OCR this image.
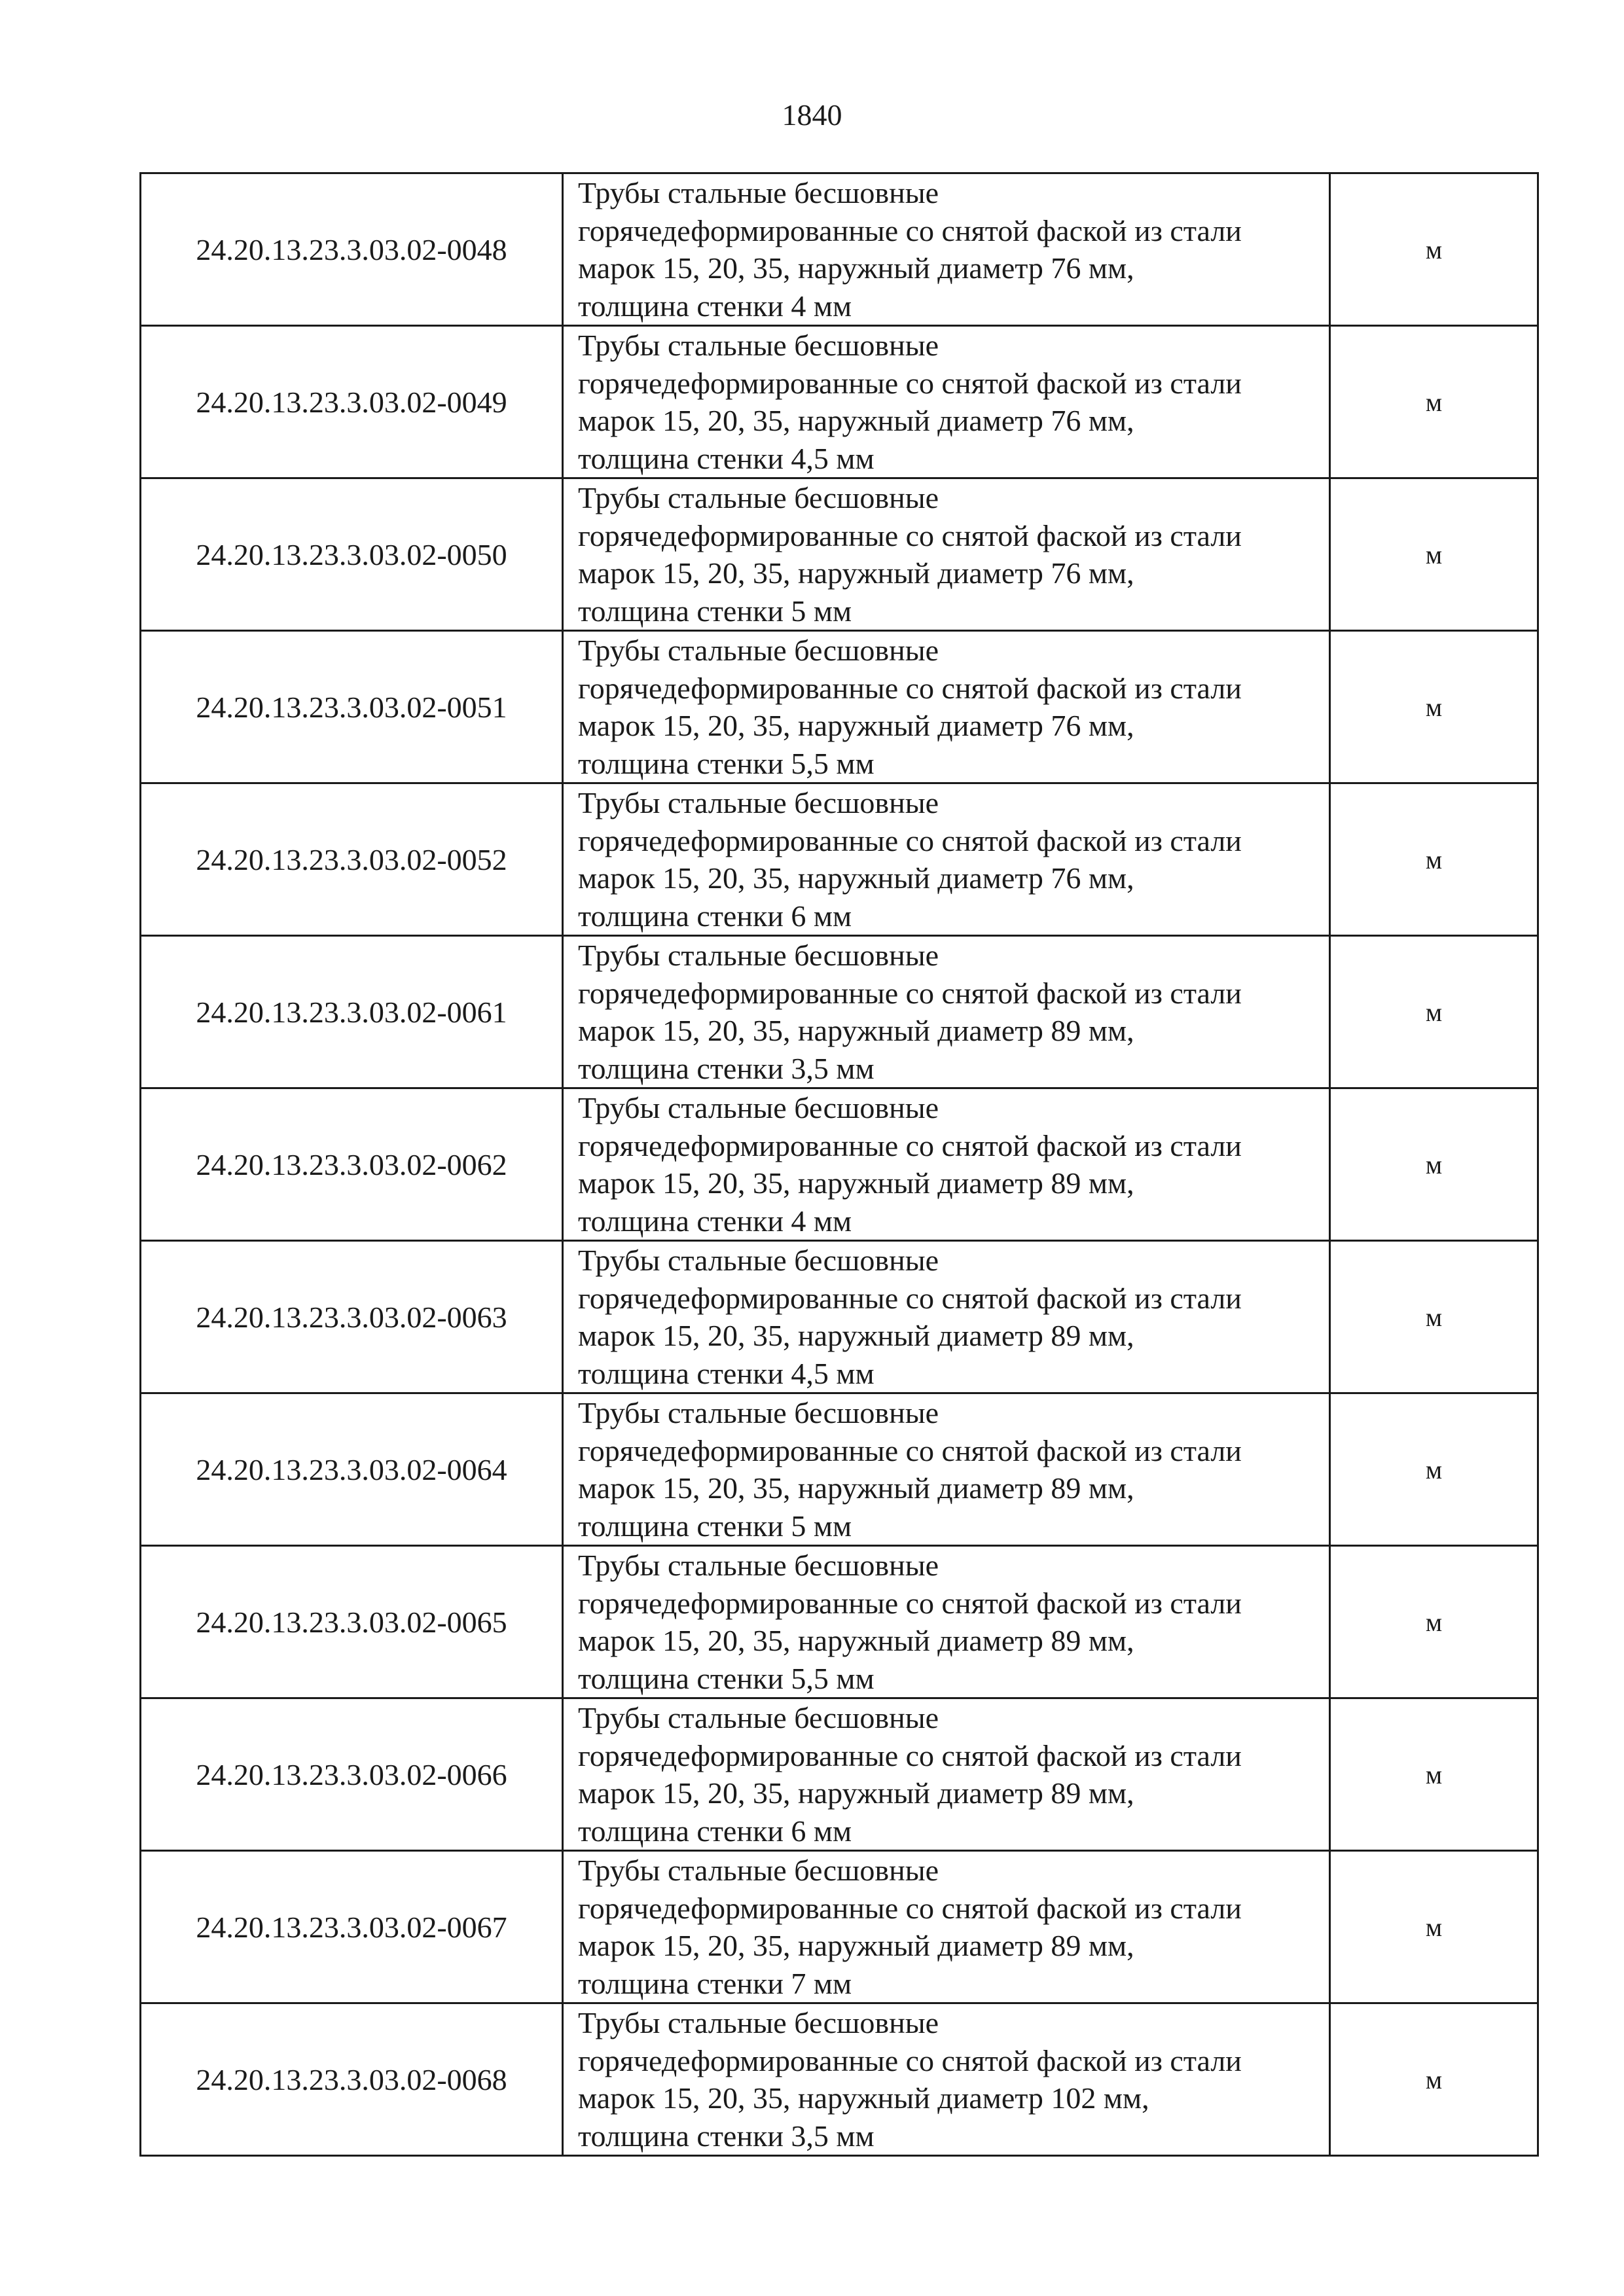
1840
24.20.13.23.3.03.02-0048	Трубы стальные бесшовные
горячедеформированные со снятой фаской из стали
марок 15, 20, 35, наружный диаметр 76 мм,
толщина стенки 4 мм	м
24.20.13.23.3.03.02-0049	Трубы стальные бесшовные
горячедеформированные со снятой фаской из стали
марок 15, 20, 35, наружный диаметр 76 мм,
толщина стенки 4,5 мм	м
24.20.13.23.3.03.02-0050	Трубы стальные бесшовные
горячедеформированные со снятой фаской из стали
марок 15, 20, 35, наружный диаметр 76 мм,
толщина стенки 5 мм	м
24.20.13.23.3.03.02-0051	Трубы стальные бесшовные
горячедеформированные со снятой фаской из стали
марок 15, 20, 35, наружный диаметр 76 мм,
толщина стенки 5,5 мм	м
24.20.13.23.3.03.02-0052	Трубы стальные бесшовные
горячедеформированные со снятой фаской из стали
марок 15, 20, 35, наружный диаметр 76 мм,
толщина стенки 6 мм	м
24.20.13.23.3.03.02-0061	Трубы стальные бесшовные
горячедеформированные со снятой фаской из стали
марок 15, 20, 35, наружный диаметр 89 мм,
толщина стенки 3,5 мм	м
24.20.13.23.3.03.02-0062	Трубы стальные бесшовные
горячедеформированные со снятой фаской из стали
марок 15, 20, 35, наружный диаметр 89 мм,
толщина стенки 4 мм	м
24.20.13.23.3.03.02-0063	Трубы стальные бесшовные
горячедеформированные со снятой фаской из стали
марок 15, 20, 35, наружный диаметр 89 мм,
толщина стенки 4,5 мм	м
24.20.13.23.3.03.02-0064	Трубы стальные бесшовные
горячедеформированные со снятой фаской из стали
марок 15, 20, 35, наружный диаметр 89 мм,
толщина стенки 5 мм	м
24.20.13.23.3.03.02-0065	Трубы стальные бесшовные
горячедеформированные со снятой фаской из стали
марок 15, 20, 35, наружный диаметр 89 мм,
толщина стенки 5,5 мм	м
24.20.13.23.3.03.02-0066	Трубы стальные бесшовные
горячедеформированные со снятой фаской из стали
марок 15, 20, 35, наружный диаметр 89 мм,
толщина стенки 6 мм	м
24.20.13.23.3.03.02-0067	Трубы стальные бесшовные
горячедеформированные со снятой фаской из стали
марок 15, 20, 35, наружный диаметр 89 мм,
толщина стенки 7 мм	м
24.20.13.23.3.03.02-0068	Трубы стальные бесшовные
горячедеформированные со снятой фаской из стали
марок 15, 20, 35, наружный диаметр 102 мм,
толщина стенки 3,5 мм	м
